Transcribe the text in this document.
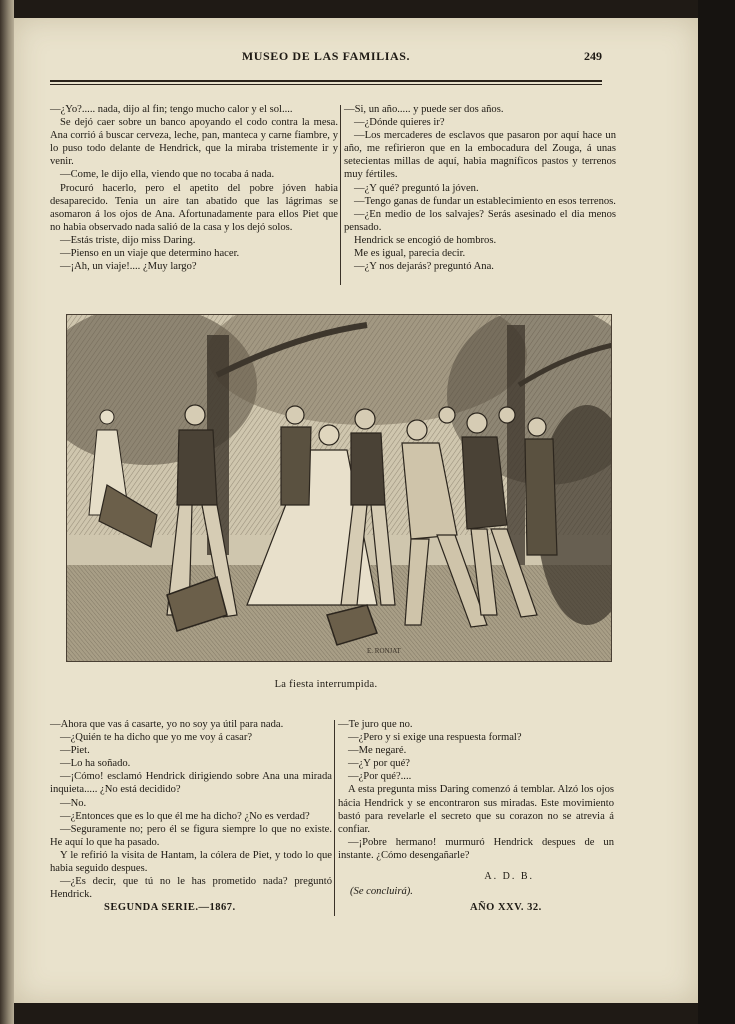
MUSEO DE LAS FAMILIAS.	249

—¿Yo?..... nada, dijo al fin; tengo mucho calor y el sol....

Se dejó caer sobre un banco apoyando el codo contra la mesa. Ana corrió á buscar cerveza, leche, pan, manteca y carne fiambre, y lo puso todo delante de Hendrick, que la miraba tristemente ir y venir.

—Come, le dijo ella, viendo que no tocaba á nada.

Procuró hacerlo, pero el apetito del pobre jóven habia desaparecido. Tenia un aire tan abatido que las lágrimas se asomaron á los ojos de Ana. Afortunadamente para ellos Piet que no habia observado nada salió de la casa y los dejó solos.

—Estás triste, dijo miss Daring.

—Pienso en un viaje que determino hacer.

—¡Ah, un viaje!.... ¿Muy largo?

—Si, un año..... y puede ser dos años.

—¿Dónde quieres ir?

—Los mercaderes de esclavos que pasaron por aquí hace un año, me refirieron que en la embocadura del Zouga, á unas setecientas millas de aquí, habia magníficos pastos y terrenos muy fértiles.

—¿Y qué? preguntó la jóven.

—Tengo ganas de fundar un establecimiento en esos terrenos.

—¿En medio de los salvajes? Serás asesinado el dia menos pensado.

Hendrick se encogió de hombros.

Me es igual, parecia decir.

—¿Y nos dejarás? preguntó Ana.

E. RONJAT
La fiesta interrumpida.

—Ahora que vas á casarte, yo no soy ya útil para nada.

—¿Quién te ha dicho que yo me voy á casar?

—Piet.

—Lo ha soñado.

—¡Cómo! esclamó Hendrick dirigiendo sobre Ana una mirada inquieta..... ¿No está decidido?

—No.

—¿Entonces que es lo que él me ha dicho? ¿No es verdad?

—Seguramente no; pero él se figura siempre lo que no existe. He aquí lo que ha pasado.

Y le refirió la visita de Hantam, la cólera de Piet, y todo lo que habia seguido despues.

—¿Es decir, que tú no le has prometido nada? preguntó Hendrick.

—Te juro que no.

—¿Pero y si exige una respuesta formal?

—Me negaré.

—¿Y por qué?

—¿Por qué?....

A esta pregunta miss Daring comenzó á temblar. Alzó los ojos hácia Hendrick y se encontraron sus miradas. Este movimiento bastó para revelarle el secreto que su corazon no se atrevia á confiar.

—¡Pobre hermano! murmuró Hendrick despues de un instante. ¿Cómo desengañarle?

A. D. B.

(Se concluirá).

SEGUNDA SERIE.—1867.	AÑO XXV. 32.
